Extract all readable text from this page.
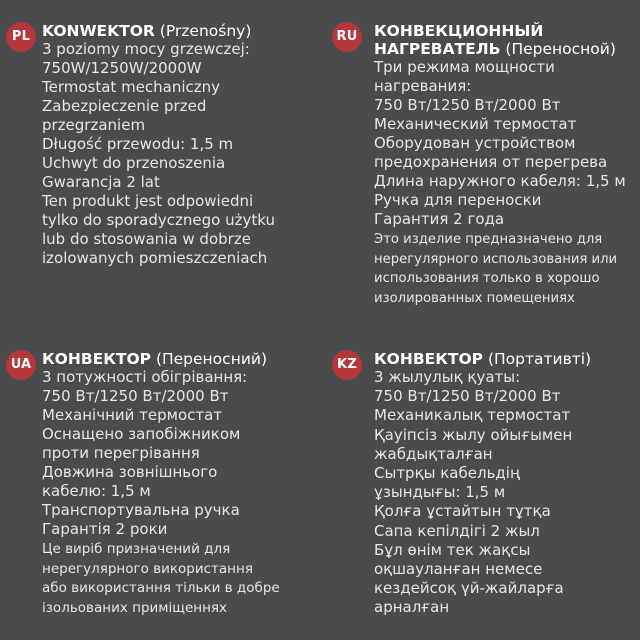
PL KONWEKTOR (Przenośny)

3 poziomy mocy grzewczej:
750W/1250W/2000W
Termostat mechaniczny
Zabezpieczenie przed
przegrzaniem
Długość przewodu: 1,5 m
Uchwyt do przenoszenia
Gwarancja 2 lat
Ten produkt jest odpowiedni
tylko do sporadycznego użytku
lub do stosowania w dobrze
izolowanych pomieszczeniach
RU КОНВЕКЦИОННЫЙ
НАГРЕВАТЕЛЬ (Переносной)

Три режима мощности
нагревания:
750 Вт/1250 Вт/2000 Вт
Механический термостат
Оборудован устройством
предохранения от перегрева
Длина наружного кабеля: 1,5 м
Ручка для переноски
Гарантия 2 года
Это изделие предназначено для
нерегулярного использования или
использования только в хорошо
изолированных помещениях
UA КОНВЕКТОР (Переносний)

3 потужності обігрівання:
750 Вт/1250 Вт/2000 Вт
Механічний термостат
Оснащено запобіжником
проти перегрівання
Довжина зовнішнього
кабелю: 1,5 м
Транспортувальна ручка
Гарантія 2 роки
Це виріб призначений для
нерегулярного використання
або використання тільки в добре
ізольованих приміщеннях
KZ	КОНВЕКТОР (Портативті)

3 жылулық қуаты:
750 Вт/1250 Вт/2000 Вт
Механикалық термостат
Қауіпсіз жылу ойығымен
жабдықталған
Сытрқы кабельдің
ұзындығы: 1,5 м
Қолға ұстайтын тұтқа
Сапа кепілдігі 2 жыл
Бұл өнім тек жақсы
оқшауланған немесе
кездейсоқ үй-жайларға
арналған
